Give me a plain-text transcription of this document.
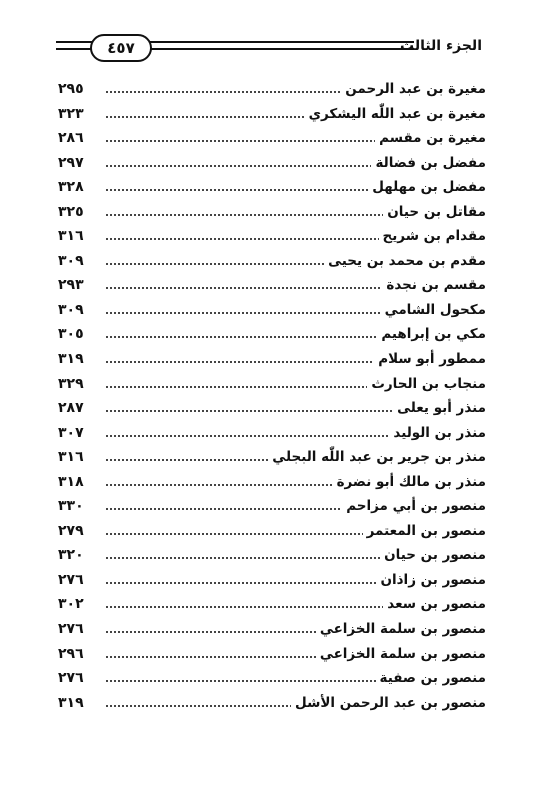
٤٥٧	الجزء الثالث
مغيرة بن عبد الرحمن
٢٩٥
مغيرة بن عبد اللّٰه اليشكري
٣٢٣
مغيرة بن مقسم
٢٨٦
مفضل بن فضالة
٢٩٧
مفضل بن مهلهل
٣٢٨
مقاتل بن حيان
٣٢٥
مقدام بن شريح
٣١٦
مقدم بن محمد بن يحيى
٣٠٩
مقسم بن نجدة
٢٩٣
مكحول الشامي
٣٠٩
مكي بن إبراهيم
٣٠٥
ممطور أبو سلام
٣١٩
منجاب بن الحارث
٣٢٩
منذر أبو يعلى
٢٨٧
منذر بن الوليد
٣٠٧
منذر بن جرير بن عبد اللّٰه البجلي
٣١٦
منذر بن مالك أبو نضرة
٣١٨
منصور بن أبي مزاحم
٣٣٠
منصور بن المعتمر
٢٧٩
منصور بن حيان
٣٢٠
منصور بن زاذان
٢٧٦
منصور بن سعد
٣٠٢
منصور بن سلمة الخزاعي
٢٧٦
منصور بن سلمة الخزاعي
٢٩٦
منصور بن صفية
٢٧٦
منصور بن عبد الرحمن الأشل
٣١٩
